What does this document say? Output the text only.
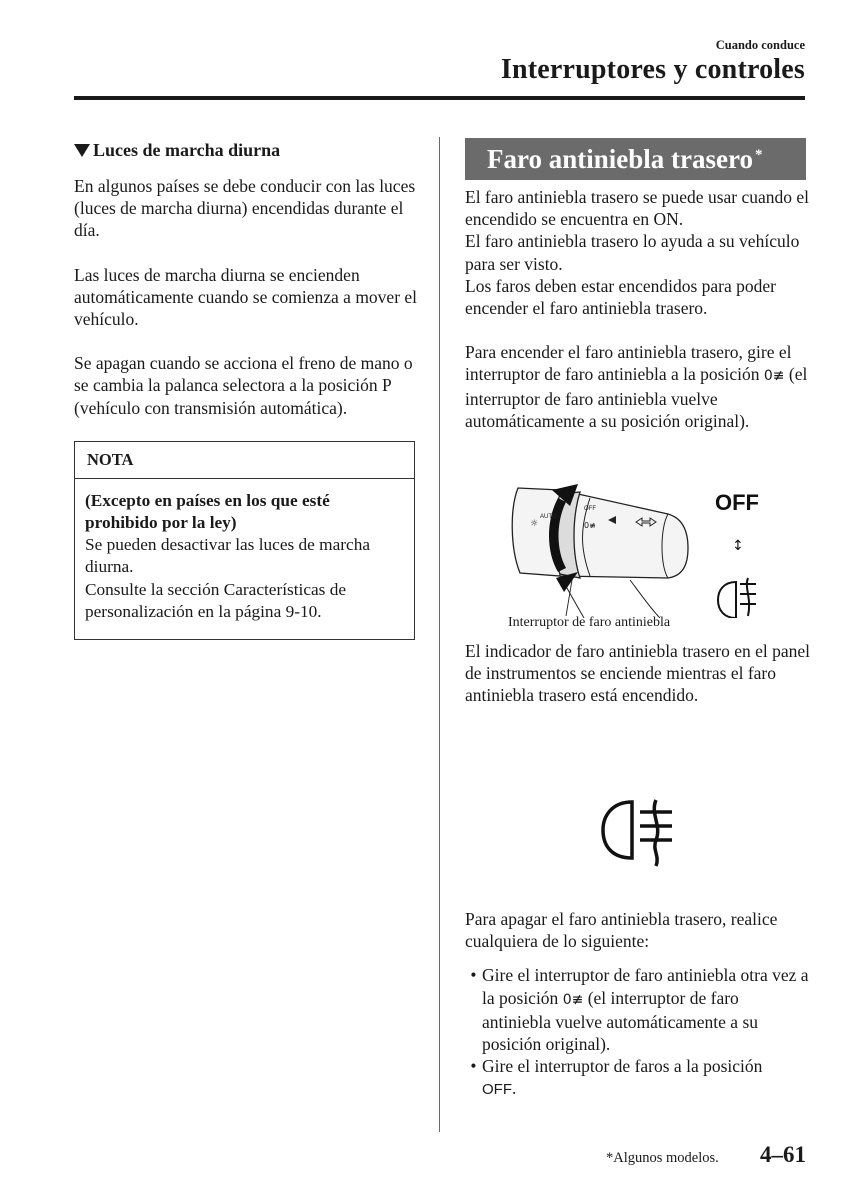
Cuando conduce
Interruptores y controles
Luces de marcha diurna

En algunos países se debe conducir con las luces (luces de marcha diurna) encendidas durante el día.

Las luces de marcha diurna se encienden automáticamente cuando se comienza a mover el vehículo.

Se apagan cuando se acciona el freno de mano o se cambia la palanca selectora a la posición P (vehículo con transmisión automática).

NOTA

(Excepto en países en los que esté prohibido por la ley)

Se pueden desactivar las luces de marcha diurna.

Consulte la sección Características de personalización en la página 9-10.

Faro antiniebla trasero*

El faro antiniebla trasero se puede usar cuando el encendido se encuentra en ON.

El faro antiniebla trasero lo ayuda a su vehículo para ser visto.

Los faros deben estar encendidos para poder encender el faro antiniebla trasero.

Para encender el faro antiniebla trasero, gire el interruptor de faro antiniebla a la posición 0≢ (el interruptor de faro antiniebla vuelve automáticamente a su posición original).

☼
AUTO
OFF
0≢
OFF
↕
Interruptor de faro antiniebla

El indicador de faro antiniebla trasero en el panel de instrumentos se enciende mientras el faro antiniebla trasero está encendido.

Para apagar el faro antiniebla trasero, realice cualquiera de lo siguiente:

• Gire el interruptor de faro antiniebla otra vez a la posición 0≢ (el interruptor de faro antiniebla vuelve automáticamente a su posición original).

• Gire el interruptor de faros a la posición
OFF.

*Algunos modelos. 4–61
